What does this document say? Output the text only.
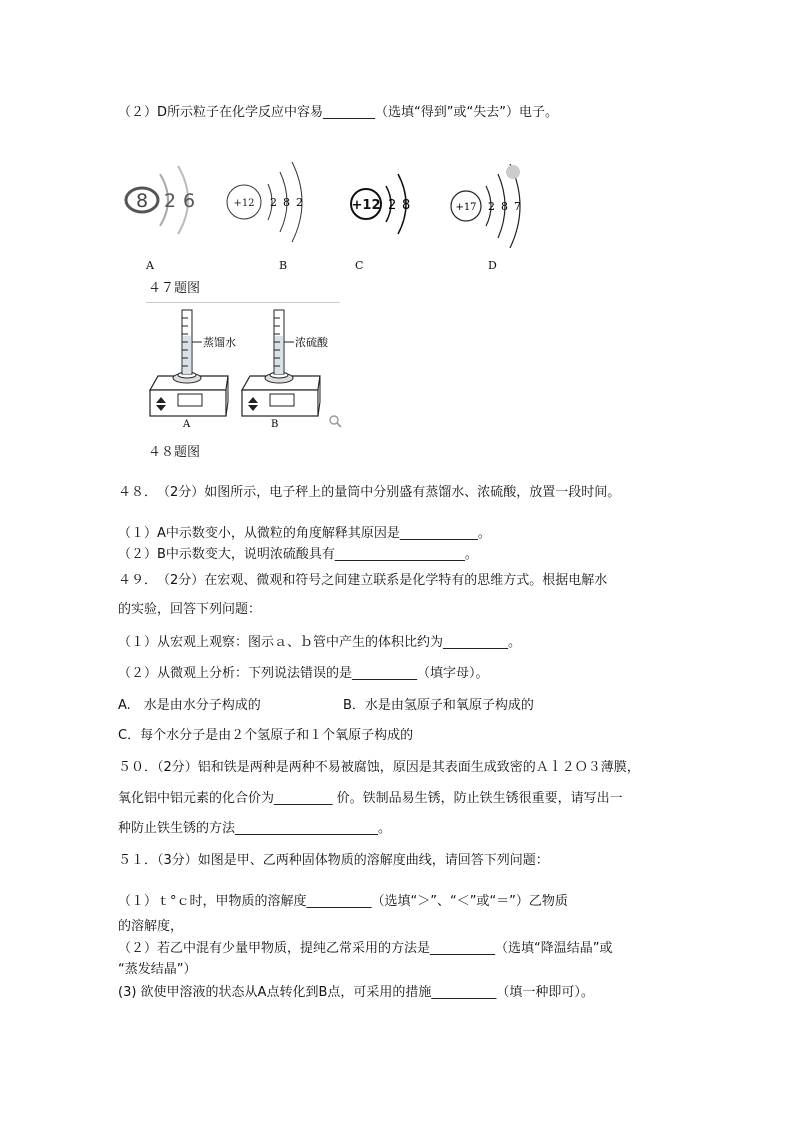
（２）D所示粒子在化学反应中容易________（选填“得到”或“失去”）电子。
8 2 6	+12 2 8 2	+12 2 8	+17 2 8 7
A	B	C	D
４７题图
蒸馏水	浓硫酸
A	B
４８题图
４８．　（2分）如图所示，电子秤上的量筒中分别盛有蒸馏水、浓硫酸，放置一段时间。
（１）A中示数变小，从微粒的角度解释其原因是____________。
（２）B中示数变大，说明浓硫酸具有____________________。
４９．　（2分）在宏观、微观和符号之间建立联系是化学特有的思维方式。根据电解水
的实验，回答下列问题：
（１）从宏观上观察：图示ａ、ｂ管中产生的体积比约为__________。
（２）从微观上分析：下列说法错误的是__________（填字母）。
A.　水是由水分子构成的	B．水是由氢原子和氧原子构成的
C．每个水分子是由２个氢原子和１个氧原子构成的
５０．（2分）铝和铁是两种是两种不易被腐蚀，原因是其表面生成致密的Ａｌ２Ｏ３薄膜，
氧化铝中铝元素的化合价为_________ 价。铁制品易生锈，防止铁生锈很重要，请写出一
种防止铁生锈的方法______________________。
５１．（3分）如图是甲、乙两种固体物质的溶解度曲线，请回答下列问题：
（１）ｔ°ｃ时，甲物质的溶解度__________（选填“＞”、“＜”或“＝”）乙物质
的溶解度，
（２）若乙中混有少量甲物质，提纯乙常采用的方法是__________（选填“降温结晶”或
“蒸发结晶”）
(3) 欲使甲溶液的状态从A点转化到B点，可采用的措施__________（填一种即可）。
